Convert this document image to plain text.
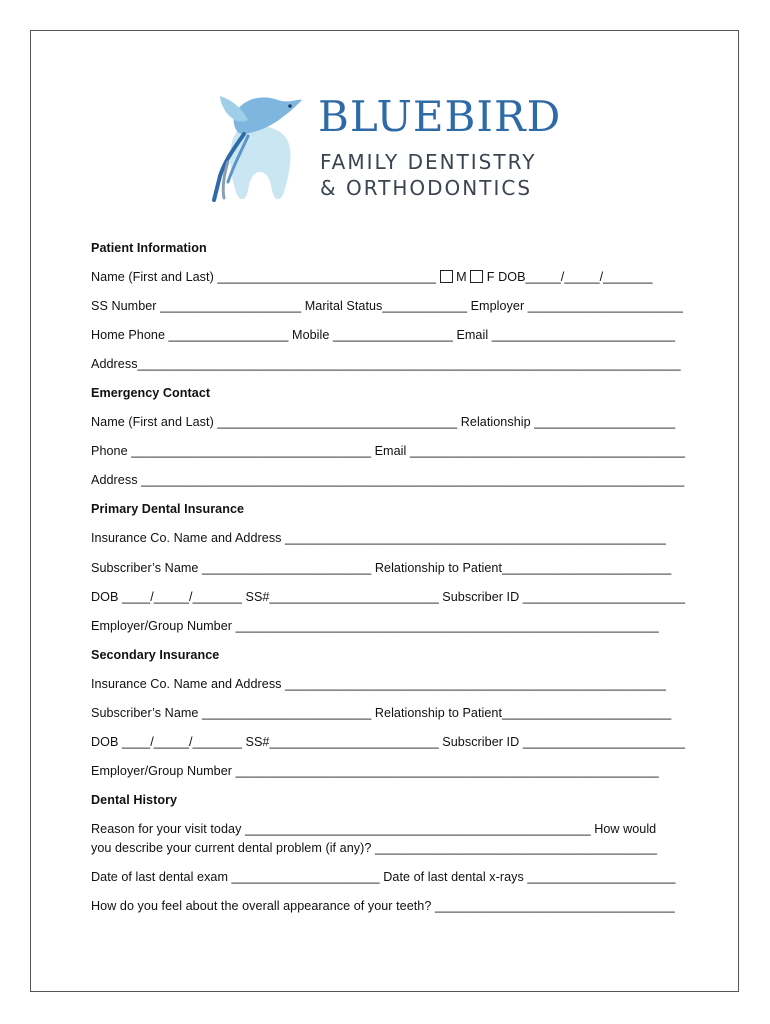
BLUEBIRD
FAMILY DENTISTRY
& ORTHODONTICS
Patient Information
Name (First and Last) _______________________________  M  F DOB_____/_____/_______
SS Number ____________________ Marital Status____________ Employer ______________________
Home Phone _________________ Mobile _________________ Email __________________________
Address_____________________________________________________________________________
Emergency Contact
Name (First and Last) __________________________________ Relationship ____________________
Phone __________________________________ Email _______________________________________
Address _____________________________________________________________________________
Primary Dental Insurance
Insurance Co. Name and Address ______________________________________________________
Subscriber’s Name ________________________ Relationship to Patient________________________
DOB ____/_____/_______ SS#________________________ Subscriber ID _______________________
Employer/Group Number ____________________________________________________________
Secondary Insurance
Insurance Co. Name and Address ______________________________________________________
Subscriber’s Name ________________________ Relationship to Patient________________________
DOB ____/_____/_______ SS#________________________ Subscriber ID _______________________
Employer/Group Number ____________________________________________________________
Dental History
Reason for your visit today _________________________________________________ How would
you describe your current dental problem (if any)? ________________________________________
Date of last dental exam _____________________ Date of last dental x-rays _____________________
How do you feel about the overall appearance of your teeth? __________________________________
